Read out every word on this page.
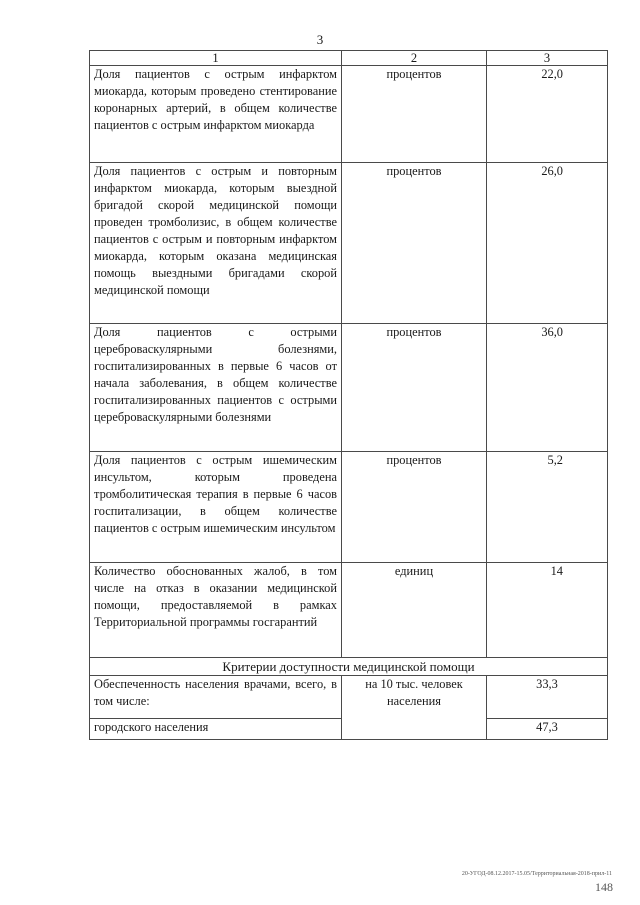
3
1	2	3
Доля пациентов с острым инфарктом миокарда, которым проведено стентирование коронарных артерий, в общем количестве пациентов с острым инфарктом миокарда	процентов	22,0
Доля пациентов с острым и повторным инфарктом миокарда, которым выездной бригадой скорой медицинской помощи проведен тромболизис, в общем количестве пациентов с острым и повторным инфарктом миокарда, которым оказана медицинская помощь выездными бригадами скорой медицинской помощи	процентов	26,0
Доля пациентов с острыми цереброваскулярными болезнями, госпитализированных в первые 6 часов от начала заболевания, в общем количестве госпитализированных пациентов с острыми цереброваскулярными болезнями	процентов	36,0
Доля пациентов с острым ишемическим инсультом, которым проведена тромболитическая терапия в первые 6 часов госпитализации, в общем количестве пациентов с острым ишемическим инсультом	процентов	5,2
Количество обоснованных жалоб, в том числе на отказ в оказании медицинской помощи, предоставляемой в рамках Территориальной программы госгарантий	единиц	14
Критерии доступности медицинской помощи		
Обеспеченность населения врачами, всего, в том числе:	на 10 тыс. человек населения	33,3
городского населения		47,3
20-УГОД-08.12.2017-15.05/Территориальная-2018-прил-11
148
